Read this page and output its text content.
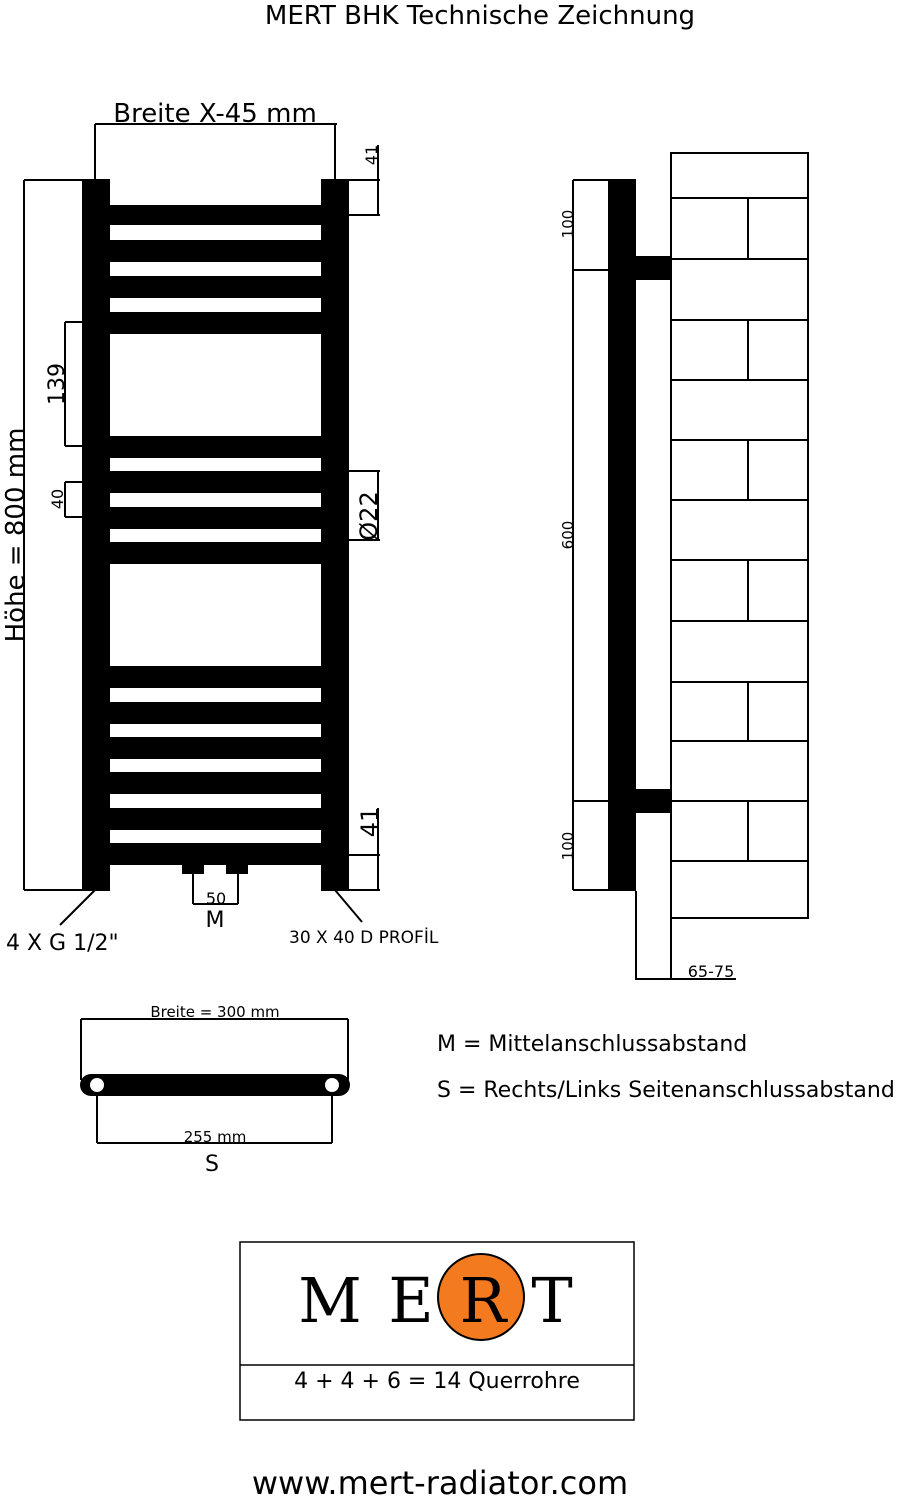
MERT BHK Technische Zeichnung
Breite X-45 mm
Höhe = 800 mm
41
41
139
40	Ø22
50
M
4 X G 1/2"	30 X 40 D PROFİL
100
600
100
65-75
Breite = 300 mm
255 mm
S
M = Mittelanschlussabstand
S = Rechts/Links Seitenanschlussabstand
M E R T
4 + 4 + 6 = 14 Querrohre
www.mert-radiator.com
